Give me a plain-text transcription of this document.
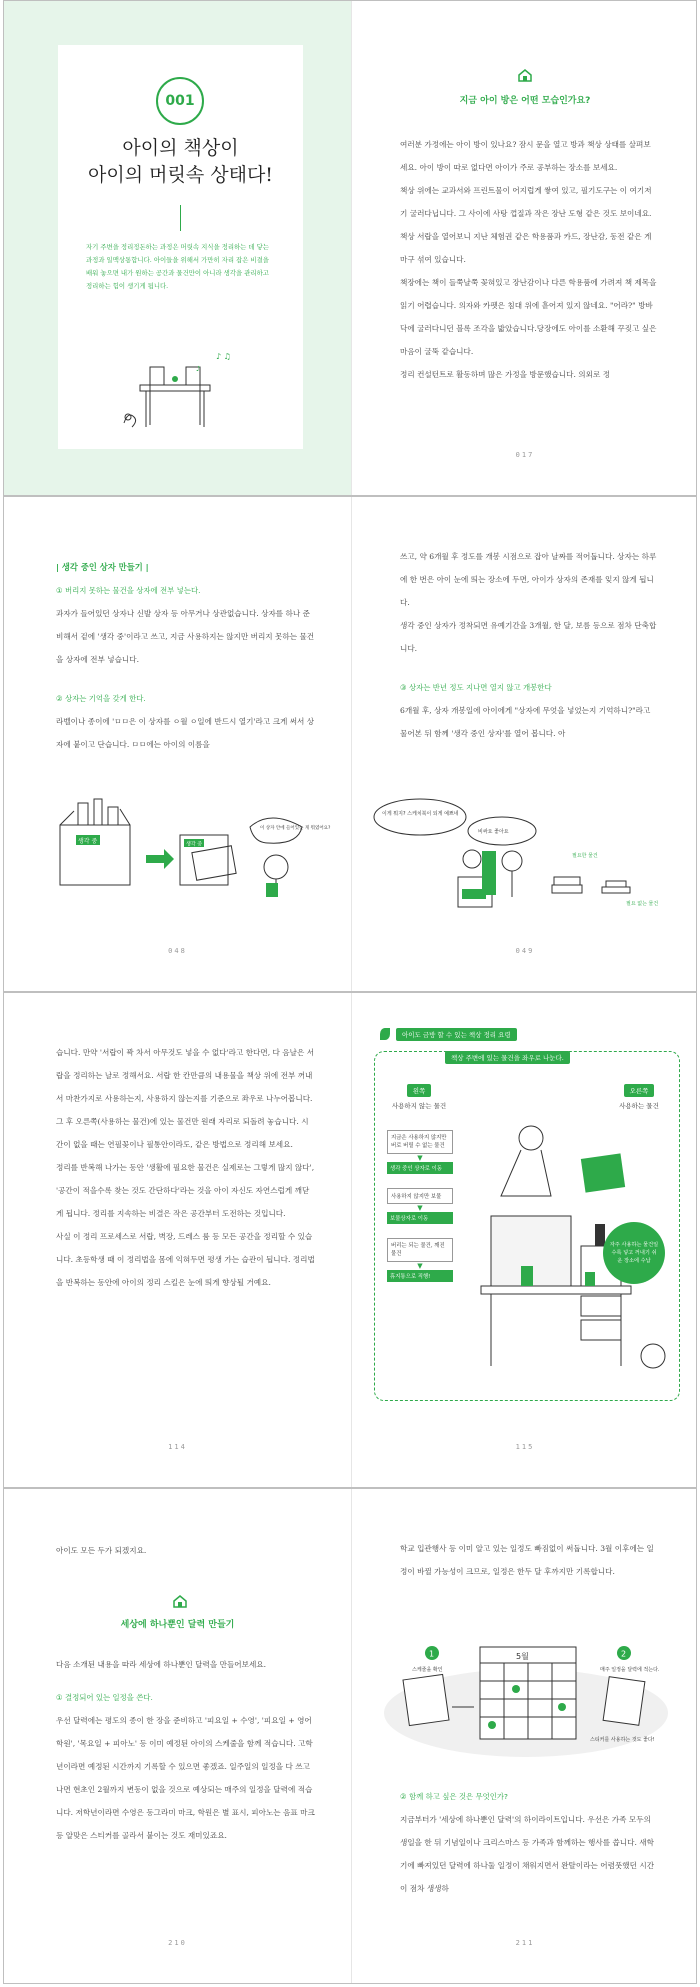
001
아이의 책상이
아이의 머릿속 상태다!
자기 주변을 정리정돈하는 과정은 머릿속 지식을 정리하는 데 닿는 과정과 일맥상통합니다. 아이들을 위해서 가만히 자리 잡은 비결을 배워 놓으면 내가 원하는 공간과 물건만이 아니라 생각을 관리하고 정리하는 힘이 생기게 됩니다.
♪ ♫
♪
지금 아이 방은 어떤 모습인가요?

여러분 가정에는 아이 방이 있나요? 잠시 문을 열고 방과 책상 상태를 살펴보세요. 아이 방이 따로 없다면 아이가 주로 공부하는 장소를 보세요.

책상 위에는 교과서와 프린트물이 어지럽게 쌓여 있고, 필기도구는 이 여기저기 굴러다닙니다. 그 사이에 사탕 껍질과 작은 장난 도형 같은 것도 보이네요. 책상 서랍을 열어보니 지난 체험권 같은 학용품과 카드, 장난감, 동전 같은 게 마구 섞여 있습니다.

책장에는 책이 들쭉날쭉 꽂혀있고 장난감이나 다른 학용품에 가려져 책 제목을 읽기 어렵습니다. 의자와 카펫은 침대 위에 흩어져 있지 않네요. "어라?" 방바닥에 굴러다니던 블록 조각을 밟았습니다.당장에도 아이를 소환해 꾸짖고 싶은 마음이 굴뚝 같습니다.

정리 컨설턴트로 활동하며 많은 가정을 방문했습니다. 의외로 정

017
| 생각 중인 상자 만들기 |
① 버리지 못하는 물건을 상자에 전부 넣는다.

과자가 들어있던 상자나 신발 상자 등 아무거나 상관없습니다. 상자를 하나 준비해서 겉에 '생각 중'이라고 쓰고, 지금 사용하지는 않지만 버리지 못하는 물건을 상자에 전부 넣습니다.

② 상자는 기억을 갖게 한다.

라벨이나 종이에 'ㅁㅁ은 이 상자를 ㅇ월 ㅇ일에 반드시 열기'라고 크게 써서 상자에 붙이고 단습니다. ㅁㅁ에는 아이의 이름을

생각 중	생각 중
이 상자 안에 들어있는 게 뭐였어요?
048

쓰고, 약 6개월 후 정도를 개봉 시점으로 잡아 날짜를 적어둡니다. 상자는 하루에 한 번은 아이 눈에 띄는 장소에 두면, 아이가 상자의 존재를 잊지 않게 됩니다.

생각 중인 상자가 정착되면 유예기간을 3개월, 한 달, 보름 등으로 점차 단축합니다.

③ 상자는 반년 정도 지나면 열지 않고 개봉한다

6개월 후, 상자 개봉일에 아이에게 "상자에 무엇을 넣었는지 기억하니?"라고 물어본 뒤 함께 '생각 중인 상자'를 열어 봅니다. 아

이게 뭐지? 스케치북이 되게 예쁘네
비싸요 좋아요
필요한 물건
필요 없는 물건
049

습니다. 만약 '서랍이 꽉 차서 아무것도 넣을 수 없다'라고 한다면, 다 음날은 서랍을 정리하는 날로 정해서요. 서랍 한 칸만큼의 내용물을 책상 위에 전부 꺼내서 마찬가지로 사용하는지, 사용하지 않는지를 기준으로 좌우로 나누어봅니다. 그 후 오른쪽(사용하는 물건)에 있는 물건만 원래 자리로 되돌려 놓습니다. 시간이 없을 때는 연필꽂이나 필통안이라도, 같은 방법으로 정리해 보세요.

정리를 반복해 나가는 동안 '생활에 필요한 물건은 실제로는 그렇게 많지 않다', '공간이 적을수록 찾는 것도 간단하다'라는 것을 아이 자신도 자연스럽게 깨닫게 됩니다. 정리를 지속하는 비결은 작은 공간부터 도전하는 것입니다.

사실 이 정리 프로세스로 서랍, 벽장, 드레스 룸 등 모든 공간을 정리할 수 있습니다. 초등학생 때 이 정리법을 몸에 익혀두면 평생 가는 습관이 됩니다. 정리법을 반복하는 동안에 아이의 정리 스킬은 눈에 띄게 향상될 거예요.

114
아이도 금방 할 수 있는 책상 정리 요령
책상 주변에 있는 물건을 좌우로 나눈다.
왼쪽
사용하지 않는 물건
오른쪽
사용하는 물건
지금은 사용하지 않지만 버로 버릴 수 없는 물건
▼
생각 중인 상자로 이동
사용하지 않지만 보물
▼
보물상자로 이동
버리는 되는 물건, 깨진 물건
▼
휴지통으로 직행!
자주 사용하는 물건일수록 넣고 꺼내기 쉬운 장소에 수납
115

아이도 모든 두가 되겠지요.

세상에 하나뿐인 달력 만들기

다음 소개된 내용을 따라 세상에 하나뿐인 달력을 만들어보세요.

① 결정되어 있는 일정을 쓴다.

우선 달력에는 평도의 종이 한 장을 준비하고 '피요일 + 수영', '피요일 + 영어학원', '목요일 + 피아노' 등 이미 예정된 아이의 스케줄을 함께 적습니다. 고학년이라면 예정된 시간까지 기록할 수 있으면 좋겠죠. 일주일의 일정을 다 쓰고 나면 현초인 2월까지 변동이 없을 것으로 예상되는 매주의 일정을 달력에 적습니다. 저학년이라면 수영은 동그라미 마크, 학원은 별 표시, 피아노는 음표 마크 등 알맞은 스티커를 골라서 붙이는 것도 재미있죠요.

210

학교 입관행사 등 이미 알고 있는 일정도 빠짐없이 써둡니다. 3월 이후에는 일정이 바뀔 가능성이 크므로, 일정은 한두 달 후까지만 기록합니다.

5월
1	2
스케줄을 확인	매주 일정을 달력에 적는다.
스티커를 사용하는 것도 좋다!
② 함께 하고 싶은 것은 무엇인가?

지금부터가 '세상에 하나뿐인 달력'의 하이라이트입니다. 우선은 가족 모두의 생일을 한 뒤 기념일이나 크리스마스 등 가족과 함께하는 행사를 씁니다. 새학기에 빠져있던 달력에 하나둘 일정이 채워지면서 완탈이라는 어렴풋했던 시간이 점차 생생하

211
